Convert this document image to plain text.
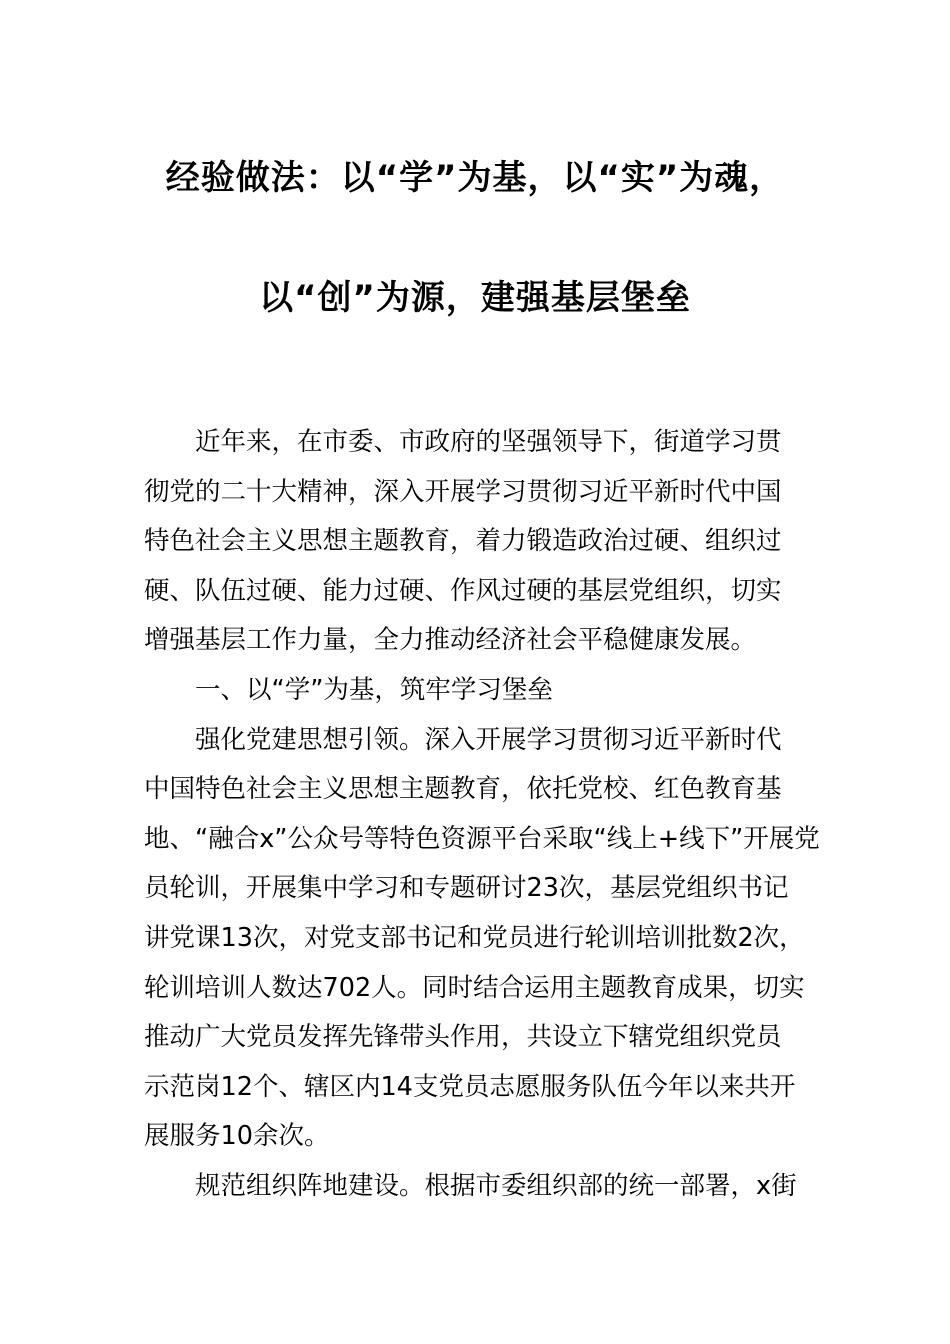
经验做法：以“学”为基，以“实”为魂，
以“创”为源，建强基层堡垒
近年来，在市委、市政府的坚强领导下，街道学习贯
彻党的二十大精神，深入开展学习贯彻习近平新时代中国
特色社会主义思想主题教育，着力锻造政治过硬、组织过
硬、队伍过硬、能力过硬、作风过硬的基层党组织，切实
增强基层工作力量，全力推动经济社会平稳健康发展。
一、以“学”为基，筑牢学习堡垒
强化党建思想引领。深入开展学习贯彻习近平新时代
中国特色社会主义思想主题教育，依托党校、红色教育基
地、“融合x”公众号等特色资源平台采取“线上+线下”开展党
员轮训，开展集中学习和专题研讨23次，基层党组织书记
讲党课13次，对党支部书记和党员进行轮训培训批数2次，
轮训培训人数达702人。同时结合运用主题教育成果，切实
推动广大党员发挥先锋带头作用，共设立下辖党组织党员
示范岗12个、辖区内14支党员志愿服务队伍今年以来共开
展服务10余次。
规范组织阵地建设。根据市委组织部的统一部署，x街
